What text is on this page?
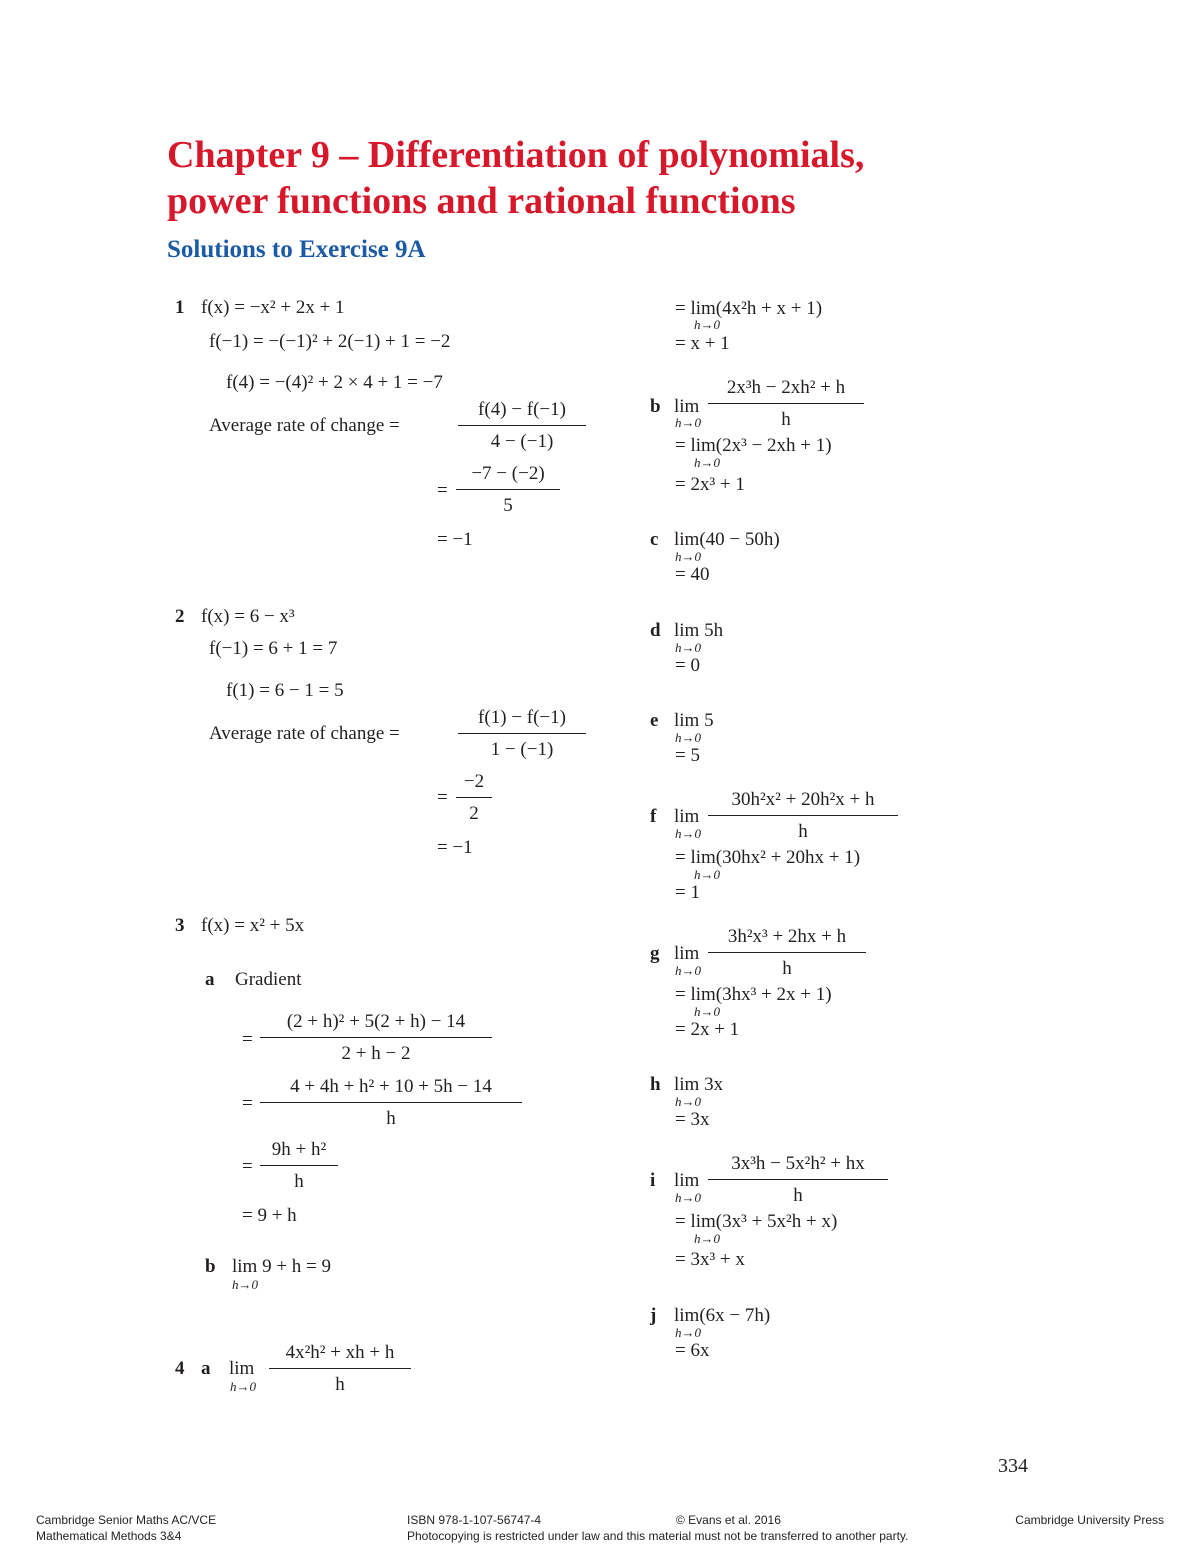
Chapter 9 – Differentiation of polynomials,
power functions and rational functions
Solutions to Exercise 9A
1 f(x) = −x² + 2x + 1
f(−1) = −(−1)² + 2(−1) + 1 = −2
f(4) = −(4)² + 2 × 4 + 1 = −7
Average rate of change =	$\frac{f(4) - f(-1)}{4 - (-1)}$
= $\frac{-7 - (-2)}{5}$
= −1
2 f(x) = 6 − x³
f(−1) = 6 + 1 = 7
f(1) = 6 − 1 = 5
Average rate of change =	$\frac{f(1) - f(-1)}{1 - (-1)}$
= $\frac{-2}{2}$
= −1
3 f(x) = x² + 5x
a Gradient
= $\frac{\text{(2 + h)² + 5(2 + h) − 14}}{2 + h - 2}$
= $\frac{\text{4 + 4h + h² + 10 + 5h − 14}}{h}$
= $\frac{\text{9h + h²}}{h}$
= 9 + h
b lim 9 + h = 9
h→0
4 a lim
$h\to 0 \frac{\text{4x²h² + xh + h}}{h}$
= lim(4x²h + x + 1)
h→0
= x + 1
b lim
$h\to 0 \frac{\text{2x³h − 2xh² + h}}{h}$
= lim(2x³ − 2xh + 1)
h→0
= 2x³ + 1
c lim(40 − 50h)
h→0
= 40
d lim 5h
h→0
= 0
e lim 5
h→0
= 5
f lim
$h\to 0 \frac{\text{30h²x² + 20h²x + h}}{h}$
= lim(30hx² + 20hx + 1)
h→0
= 1
g lim
$h\to 0 \frac{\text{3h²x³ + 2hx + h}}{h}$
= lim(3hx³ + 2x + 1)
h→0
= 2x + 1
h lim 3x
h→0
= 3x
i lim
$h\to 0 \frac{\text{3x³h − 5x²h² + hx}}{h}$
= lim(3x³ + 5x²h + x)
h→0
= 3x³ + x
j lim(6x − 7h)
h→0
= 6x
334
Cambridge Senior Maths AC/VCE
Mathematical Methods 3&4
ISBN 978-1-107-56747-4	© Evans et al. 2016
Photocopying is restricted under law and this material must not be transferred to another party.
Cambridge University Press
